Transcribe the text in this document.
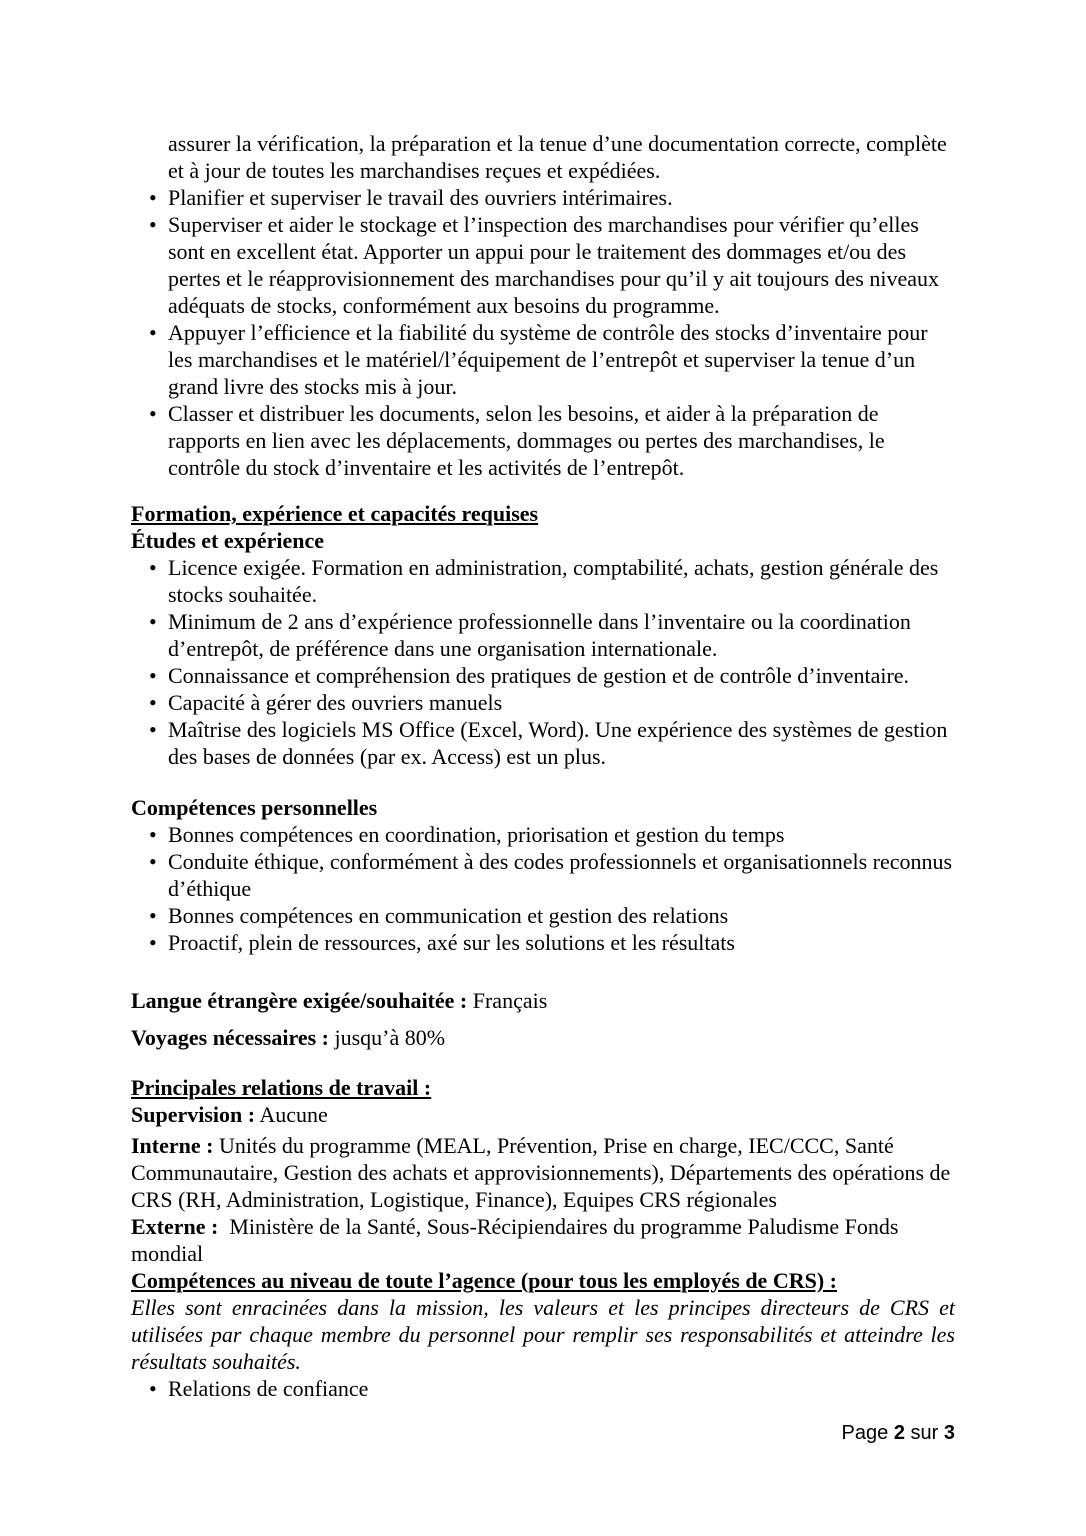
assurer la vérification, la préparation et la tenue d’une documentation correcte, complète et à jour de toutes les marchandises reçues et expédiées.
• Planifier et superviser le travail des ouvriers intérimaires.
• Superviser et aider le stockage et l’inspection des marchandises pour vérifier qu’elles sont en excellent état. Apporter un appui pour le traitement des dommages et/ou des pertes et le réapprovisionnement des marchandises pour qu’il y ait toujours des niveaux adéquats de stocks, conformément aux besoins du programme.
• Appuyer l’efficience et la fiabilité du système de contrôle des stocks d’inventaire pour les marchandises et le matériel/l’équipement de l’entrepôt et superviser la tenue d’un grand livre des stocks mis à jour.
• Classer et distribuer les documents, selon les besoins, et aider à la préparation de rapports en lien avec les déplacements, dommages ou pertes des marchandises, le contrôle du stock d’inventaire et les activités de l’entrepôt.
Formation, expérience et capacités requises
Études et expérience
• Licence exigée. Formation en administration, comptabilité, achats, gestion générale des stocks souhaitée.
• Minimum de 2 ans d’expérience professionnelle dans l’inventaire ou la coordination d’entrepôt, de préférence dans une organisation internationale.
• Connaissance et compréhension des pratiques de gestion et de contrôle d’inventaire.
• Capacité à gérer des ouvriers manuels
• Maîtrise des logiciels MS Office (Excel, Word). Une expérience des systèmes de gestion des bases de données (par ex. Access) est un plus.
Compétences personnelles
• Bonnes compétences en coordination, priorisation et gestion du temps
• Conduite éthique, conformément à des codes professionnels et organisationnels reconnus d’éthique
• Bonnes compétences en communication et gestion des relations
• Proactif, plein de ressources, axé sur les solutions et les résultats

Langue étrangère exigée/souhaitée : Français

Voyages nécessaires : jusqu’à 80%

Principales relations de travail :

Supervision : Aucune

Interne : Unités du programme (MEAL, Prévention, Prise en charge, IEC/CCC, Santé Communautaire, Gestion des achats et approvisionnements), Départements des opérations de CRS (RH, Administration, Logistique, Finance), Equipes CRS régionales

Externe : Ministère de la Santé, Sous-Récipiendaires du programme Paludisme Fonds mondial

Compétences au niveau de toute l’agence (pour tous les employés de CRS) :

Elles sont enracinées dans la mission, les valeurs et les principes directeurs de CRS et utilisées par chaque membre du personnel pour remplir ses responsabilités et atteindre les résultats souhaités.

• Relations de confiance
Page 2 sur 3
